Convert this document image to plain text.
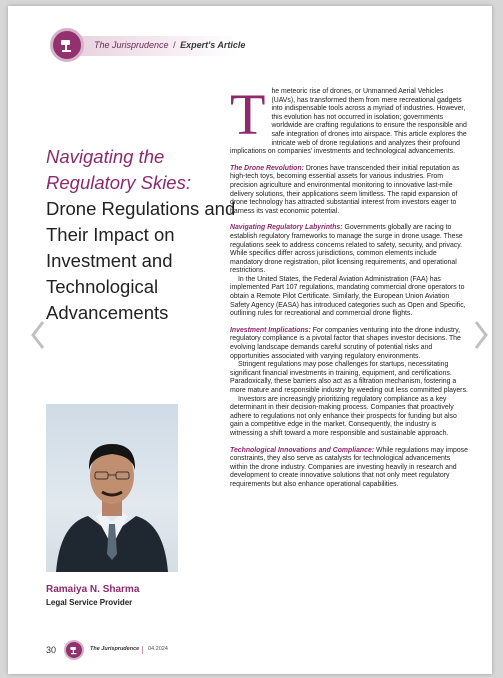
The Jurisprudence / Expert's Article
Navigating the Regulatory Skies: Drone Regulations and Their Impact on Investment and Technological Advancements
Ramaiya N. Sharma
Legal Service Provider
30	The Jurisprudence 04.2024

T he meteoric rise of drones, or Unmanned Aerial Vehicles (UAVs), has transformed them from mere recreational gadgets into indispensable tools across a myriad of industries. However, this evolution has not occurred in isolation; governments worldwide are crafting regulations to ensure the responsible and safe integration of drones into airspace. This article explores the intricate web of drone regulations and analyzes their profound implications on companies' investments and technological advancements.

The Drone Revolution: Drones have transcended their initial reputation as high-tech toys, becoming essential assets for various industries. From precision agriculture and environmental monitoring to innovative last-mile delivery solutions, their applications seem limitless. The rapid expansion of drone technology has attracted substantial interest from investors eager to harness its vast economic potential.

Navigating Regulatory Labyrinths: Governments globally are racing to establish regulatory frameworks to manage the surge in drone usage. These regulations seek to address concerns related to safety, security, and privacy. While specifics differ across jurisdictions, common elements include mandatory drone registration, pilot licensing requirements, and operational restrictions.

In the United States, the Federal Aviation Administration (FAA) has implemented Part 107 regulations, mandating commercial drone operators to obtain a Remote Pilot Certificate. Similarly, the European Union Aviation Safety Agency (EASA) has introduced categories such as Open and Specific, outlining rules for recreational and commercial drone flights.

Investment Implications: For companies venturing into the drone industry, regulatory compliance is a pivotal factor that shapes investor decisions. The evolving landscape demands careful scrutiny of potential risks and opportunities associated with varying regulatory environments.

Stringent regulations may pose challenges for startups, necessitating significant financial investments in training, equipment, and certifications. Paradoxically, these barriers also act as a filtration mechanism, fostering a more mature and responsible industry by weeding out less committed players.

Investors are increasingly prioritizing regulatory compliance as a key determinant in their decision-making process. Companies that proactively adhere to regulations not only enhance their prospects for funding but also gain a competitive edge in the market. Consequently, the industry is witnessing a shift toward a more responsible and sustainable approach.

Technological Innovations and Compliance: While regulations may impose constraints, they also serve as catalysts for technological advancements within the drone industry. Companies are investing heavily in research and development to create innovative solutions that not only meet regulatory requirements but also enhance operational capabilities.
